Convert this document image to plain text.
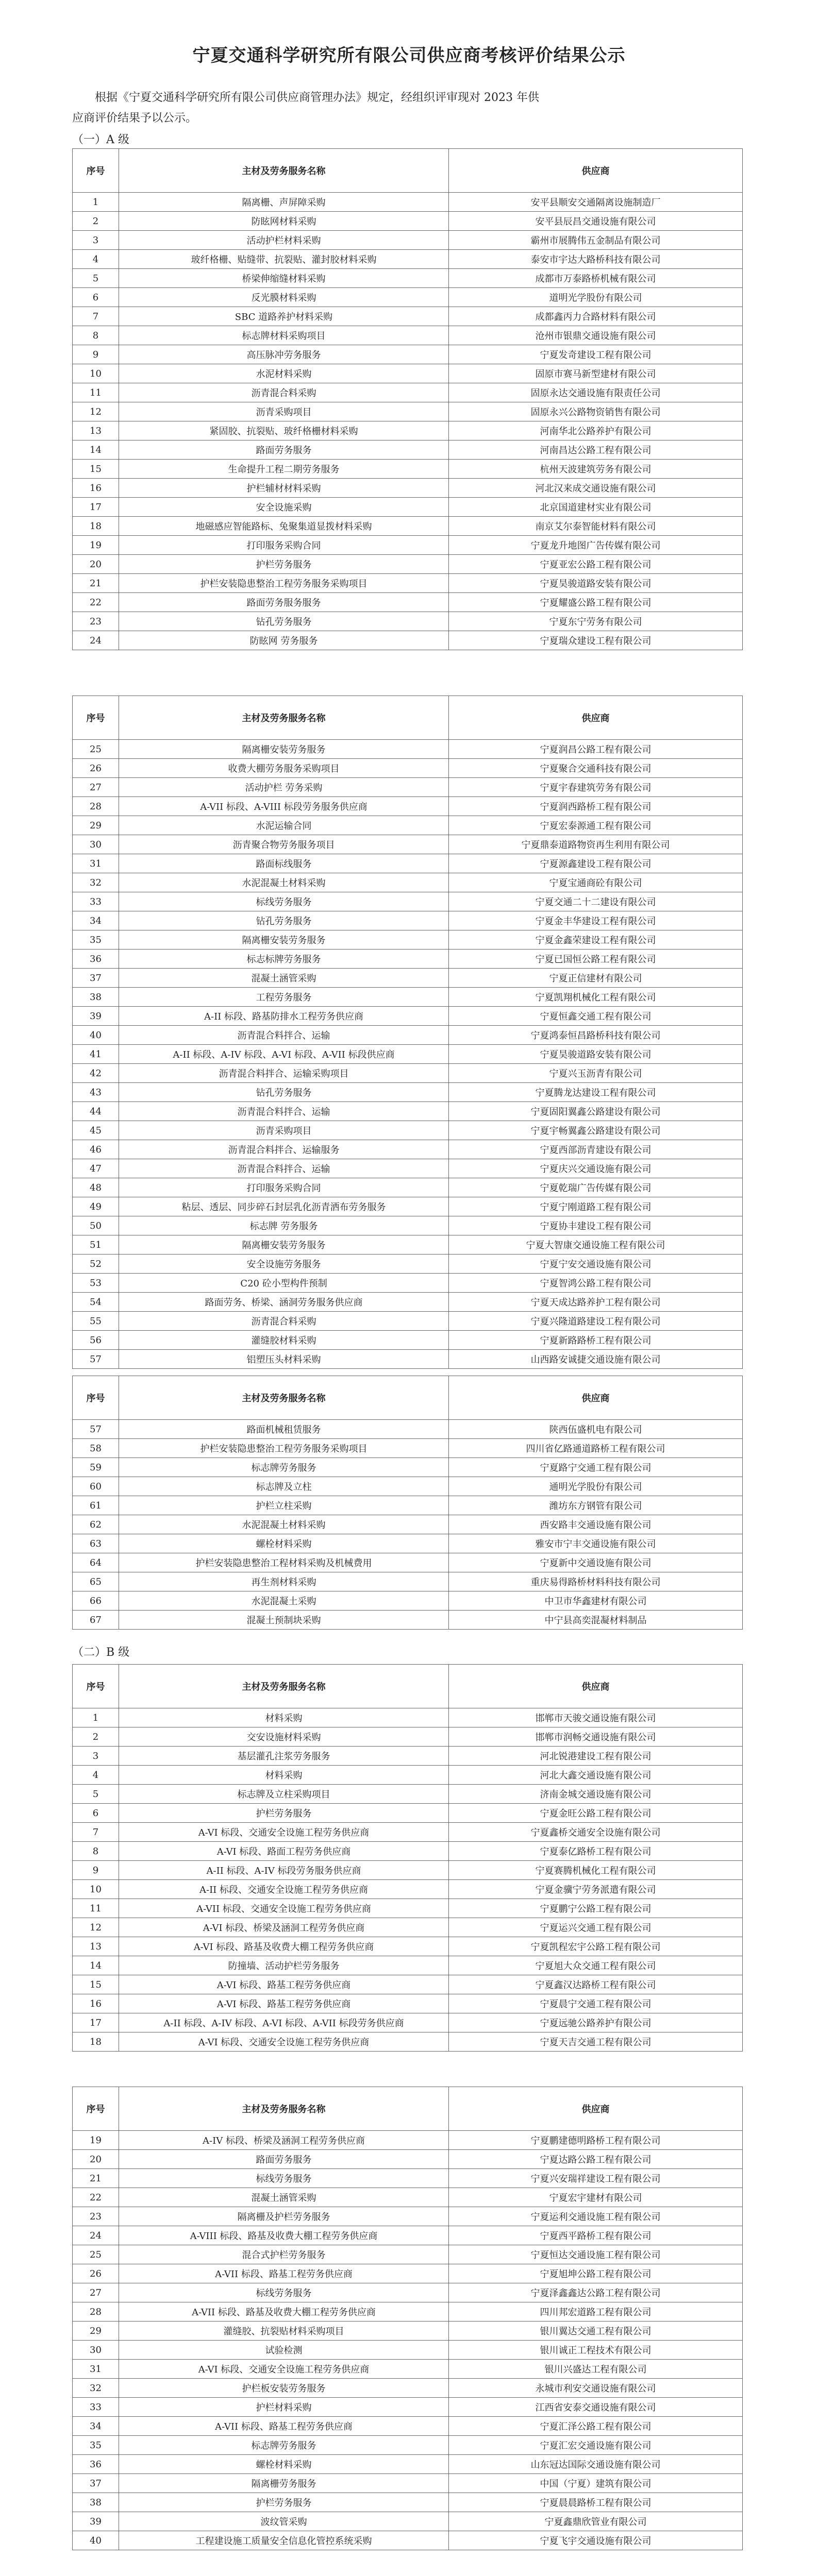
宁夏交通科学研究所有限公司供应商考核评价结果公示
根据《宁夏交通科学研究所有限公司供应商管理办法》规定，经组织评审现对 2023 年供
应商评价结果予以公示。
（一）A 级
序号	主材及劳务服务名称	供应商
1	隔离栅、声屏障采购	安平县顺安交通隔离设施制造厂
2	防眩网材料采购	安平县辰昌交通设施有限公司
3	活动护栏材料采购	霸州市展腾伟五金制品有限公司
4	玻纤格栅、贴缝带、抗裂贴、灌封胶材料采购	泰安市宇达大路桥科技有限公司
5	桥梁伸缩缝材料采购	成都市万泰路桥机械有限公司
6	反光膜材料采购	道明光学股份有限公司
7	SBC 道路养护材料采购	成都鑫丙力合路材料有限公司
8	标志牌材料采购项目	沧州市银鼎交通设施有限公司
9	高压脉冲劳务服务	宁夏发奇建设工程有限公司
10	水泥材料采购	固原市赛马新型建材有限公司
11	沥青混合料采购	固原永达交通设施有限责任公司
12	沥青采购项目	固原永兴公路物资销售有限公司
13	紧固胶、抗裂贴、玻纤格栅材料采购	河南华北公路养护有限公司
14	路面劳务服务	河南昌达公路工程有限公司
15	生命提升工程二期劳务服务	杭州天波建筑劳务有限公司
16	护栏辅材材料采购	河北汉来成交通设施有限公司
17	安全设施采购	北京国道建材实业有限公司
18	地磁感应智能路标、兔聚集道显拨材料采购	南京艾尔泰智能材料有限公司
19	打印服务采购合同	宁夏龙升地图广告传媒有限公司
20	护栏劳务服务	宁夏亚宏公路工程有限公司
21	护栏安装隐患整治工程劳务服务采购项目	宁夏昊骏道路安装有限公司
22	路面劳务服务服务	宁夏耀盛公路工程有限公司
23	钻孔劳务服务	宁夏东宁劳务有限公司
24	防眩网 劳务服务	宁夏瑞众建设工程有限公司
序号	主材及劳务服务名称	供应商
25	隔离栅安装劳务服务	宁夏润昌公路工程有限公司
26	收费大棚劳务服务采购项目	宁夏聚合交通科技有限公司
27	活动护栏 劳务采购	宁夏宇春建筑劳务有限公司
28	A-VII 标段、A-VIII 标段劳务服务供应商	宁夏润西路桥工程有限公司
29	水泥运输合同	宁夏宏泰源通工程有限公司
30	沥青聚合物劳务服务项目	宁夏鼎泰道路物资再生利用有限公司
31	路面标线服务	宁夏源鑫建设工程有限公司
32	水泥混凝土材料采购	宁夏宝通商砼有限公司
33	标线劳务服务	宁夏交通二十二建设有限公司
34	钻孔劳务服务	宁夏金丰华建设工程有限公司
35	隔离栅安装劳务服务	宁夏金鑫荣建设工程有限公司
36	标志标牌劳务服务	宁夏已国恒公路工程有限公司
37	混凝土涵管采购	宁夏正信建材有限公司
38	工程劳务服务	宁夏凯翔机械化工程有限公司
39	A-II 标段、路基防排水工程劳务供应商	宁夏恒鑫交通工程有限公司
40	沥青混合料拌合、运输	宁夏鸿泰恒昌路桥科技有限公司
41	A-II 标段、A-IV 标段、A-VI 标段、A-VII 标段供应商	宁夏昊骏道路安装有限公司
42	沥青混合料拌合、运输采购项目	宁夏兴玉沥青有限公司
43	钻孔劳务服务	宁夏腾龙达建设工程有限公司
44	沥青混合料拌合、运输	宁夏固阳翼鑫公路建设有限公司
45	沥青采购项目	宁夏宇畅翼鑫公路建设有限公司
46	沥青混合料拌合、运输服务	宁夏西部沥青建设有限公司
47	沥青混合料拌合、运输	宁夏庆兴交通设施有限公司
48	打印服务采购合同	宁夏乾瑞广告传媒有限公司
49	粘层、透层、同步碎石封层乳化沥青洒布劳务服务	宁夏宁刚道路工程有限公司
50	标志牌 劳务服务	宁夏协丰建设工程有限公司
51	隔离栅安装劳务服务	宁夏大智康交通设施工程有限公司
52	安全设施劳务服务	宁夏宁安交通设施有限公司
53	C20 砼小型构件预制	宁夏智鸿公路工程有限公司
54	路面劳务、桥梁、涵洞劳务服务供应商	宁夏天成达路养护工程有限公司
55	沥青混合料采购	宁夏兴隆道路建设工程有限公司
56	灌缝胶材料采购	宁夏新路路桥工程有限公司
57	铝塑压头材料采购	山西路安诚捷交通设施有限公司
序号	主材及劳务服务名称	供应商
57	路面机械租赁服务	陕西伍盛机电有限公司
58	护栏安装隐患整治工程劳务服务采购项目	四川省亿路通道路桥工程有限公司
59	标志牌劳务服务	宁夏路宁交通工程有限公司
60	标志牌及立柱	通明光学股份有限公司
61	护栏立柱采购	潍坊东方钢管有限公司
62	水泥混凝土材料采购	西安路丰交通设施有限公司
63	螺栓材料采购	雅安市宁丰交通设施有限公司
64	护栏安装隐患整治工程材料采购及机械费用	宁夏新中交通设施有限公司
65	再生剂材料采购	重庆易得路桥材料科技有限公司
66	水泥混凝土采购	中卫市华鑫建材有限公司
67	混凝土预制块采购	中宁县高奕混凝材料制品
（二）B 级
序号	主材及劳务服务名称	供应商
1	材料采购	邯郸市天骏交通设施有限公司
2	交安设施材料采购	邯郸市润畅交通设施有限公司
3	基层灌孔注浆劳务服务	河北锐港建设工程有限公司
4	材料采购	河北大鑫交通设施有限公司
5	标志牌及立柱采购项目	济南金城交通设施有限公司
6	护栏劳务服务	宁夏金旺公路工程有限公司
7	A-VI 标段、交通安全设施工程劳务供应商	宁夏鑫桥交通安全设施有限公司
8	A-VI 标段、路面工程劳务供应商	宁夏泰亿路桥工程有限公司
9	A-II 标段、A-IV 标段劳务服务供应商	宁夏赛腾机械化工程有限公司
10	A-II 标段、交通安全设施工程劳务供应商	宁夏金骥宁劳务派遣有限公司
11	A-VII 标段、交通安全设施工程劳务供应商	宁夏鹏宁公路工程有限公司
12	A-VI 标段、桥梁及涵洞工程劳务供应商	宁夏运兴交通工程有限公司
13	A-VI 标段、路基及收费大棚工程劳务供应商	宁夏凯程宏宇公路工程有限公司
14	防撞墙、活动护栏劳务服务	宁夏旭大众交通工程有限公司
15	A-VI 标段、路基工程劳务供应商	宁夏鑫汉达路桥工程有限公司
16	A-VI 标段、路基工程劳务供应商	宁夏晨宁交通工程有限公司
17	A-II 标段、A-IV 标段、A-VI 标段、A-VII 标段劳务供应商	宁夏远驰公路养护有限公司
18	A-VI 标段、交通安全设施工程劳务供应商	宁夏天吉交通工程有限公司
序号	主材及劳务服务名称	供应商
19	A-IV 标段、桥梁及涵洞工程劳务供应商	宁夏鹏建德明路桥工程有限公司
20	路面劳务服务	宁夏达路公路工程有限公司
21	标线劳务服务	宁夏兴安瑞祥建设工程有限公司
22	混凝土涵管采购	宁夏宏宇建材有限公司
23	隔离栅及护栏劳务服务	宁夏运利交通设施工程有限公司
24	A-VIII 标段、路基及收费大棚工程劳务供应商	宁夏西平路桥工程有限公司
25	混合式护栏劳务服务	宁夏恒达交通设施工程有限公司
26	A-VII 标段、路基工程劳务供应商	宁夏旭坤公路工程有限公司
27	标线劳务服务	宁夏泽鑫鑫达公路工程有限公司
28	A-VII 标段、路基及收费大棚工程劳务供应商	四川邦宏道路工程有限公司
29	灌缝胶、抗裂贴材料采购项目	银川翼达交通工程有限公司
30	试验检测	银川诚正工程技术有限公司
31	A-VI 标段、交通安全设施工程劳务供应商	银川兴盛达工程有限公司
32	护栏板安装劳务服务	永城市利安交通设施有限公司
33	护栏材料采购	江西省安泰交通设施有限公司
34	A-VII 标段、路基工程劳务供应商	宁夏汇泽公路工程有限公司
35	标志牌劳务服务	宁夏汇宏交通设施有限公司
36	螺栓材料采购	山东冠达国际交通设施有限公司
37	隔离栅劳务服务	中国（宁夏）建筑有限公司
38	护栏劳务服务	宁夏晨晨路桥工程有限公司
39	波纹管采购	宁夏鑫鼎欣管业有限公司
40	工程建设施工质量安全信息化管控系统采购	宁夏飞宇交通设施有限公司
